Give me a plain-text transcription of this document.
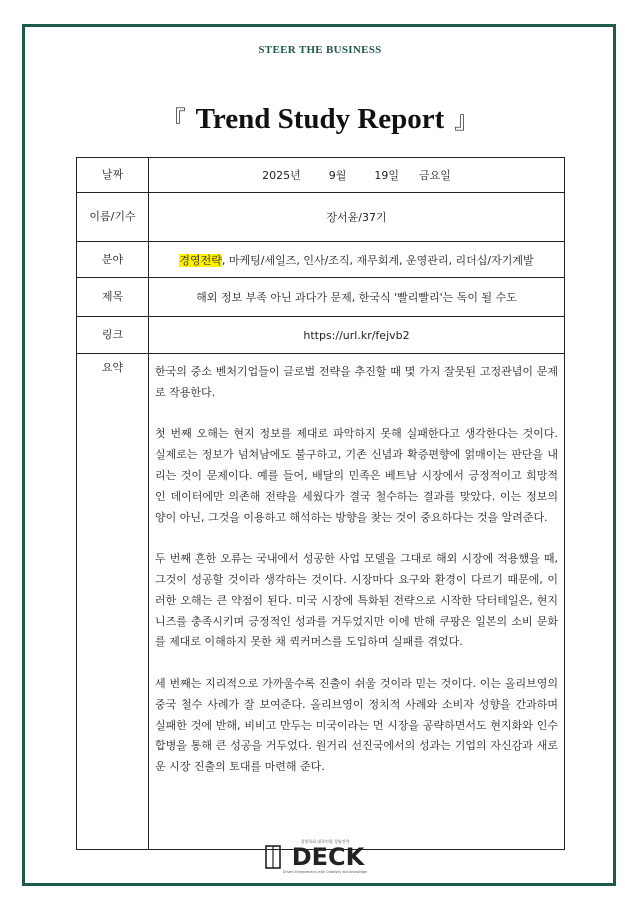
STEER THE BUSINESS
『 Trend Study Report 』
날짜	2025년 9월 19일 금요일
이름/기수	장서윤/37기
분야	경영전략, 마케팅/세일즈, 인사/조직, 재무회계, 운영관리, 리더십/자기계발
제목	해외 정보 부족 아닌 과다가 문제, 한국식 '빨리빨리'는 독이 될 수도
링크	https://url.kr/fejvb2
요약	한국의 중소 벤처기업들이 글로벌 전략을 추진할 때 몇 가지 잘못된 고정관념이 문제로 작용한다.

첫 번째 오해는 현지 정보를 제대로 파악하지 못해 실패한다고 생각한다는 것이다. 실제로는 정보가 넘쳐남에도 불구하고, 기존 신념과 확증편향에 얽매이는 판단을 내리는 것이 문제이다. 예를 들어, 배달의 민족은 베트남 시장에서 긍정적이고 희망적인 데이터에만 의존해 전략을 세웠다가 결국 철수하는 결과를 맞았다. 이는 정보의 양이 아닌, 그것을 이용하고 해석하는 방향을 찾는 것이 중요하다는 것을 알려준다.

두 번째 흔한 오류는 국내에서 성공한 사업 모델을 그대로 해외 시장에 적용했을 때, 그것이 성공할 것이라 생각하는 것이다. 시장마다 요구와 환경이 다르기 때문에, 이러한 오해는 큰 약점이 된다. 미국 시장에 특화된 전략으로 시작한 닥터테일은, 현지 니즈를 충족시키며 긍정적인 성과를 거두었지만 이에 반해 쿠팡은 일본의 소비 문화를 제대로 이해하지 못한 채 퀵커머스를 도입하며 실패를 겪었다.

세 번째는 지리적으로 가까울수록 진출이 쉬울 것이라 믿는 것이다. 이는 올리브영의 중국 철수 사례가 잘 보여준다. 올리브영이 정치적 사례와 소비자 성향을 간과하며 실패한 것에 반해, 비비고 만두는 미국이라는 먼 시장을 공략하면서도 현지화와 인수 합병을 통해 큰 성공을 거두었다. 원거리 선진국에서의 성과는 기업의 자신감과 새로운 시장 진출의 토대를 마련해 준다.

경영학회 대학연합 경영전략
DECK
Driven Entrepreneurs with Creativity and Knowledge
